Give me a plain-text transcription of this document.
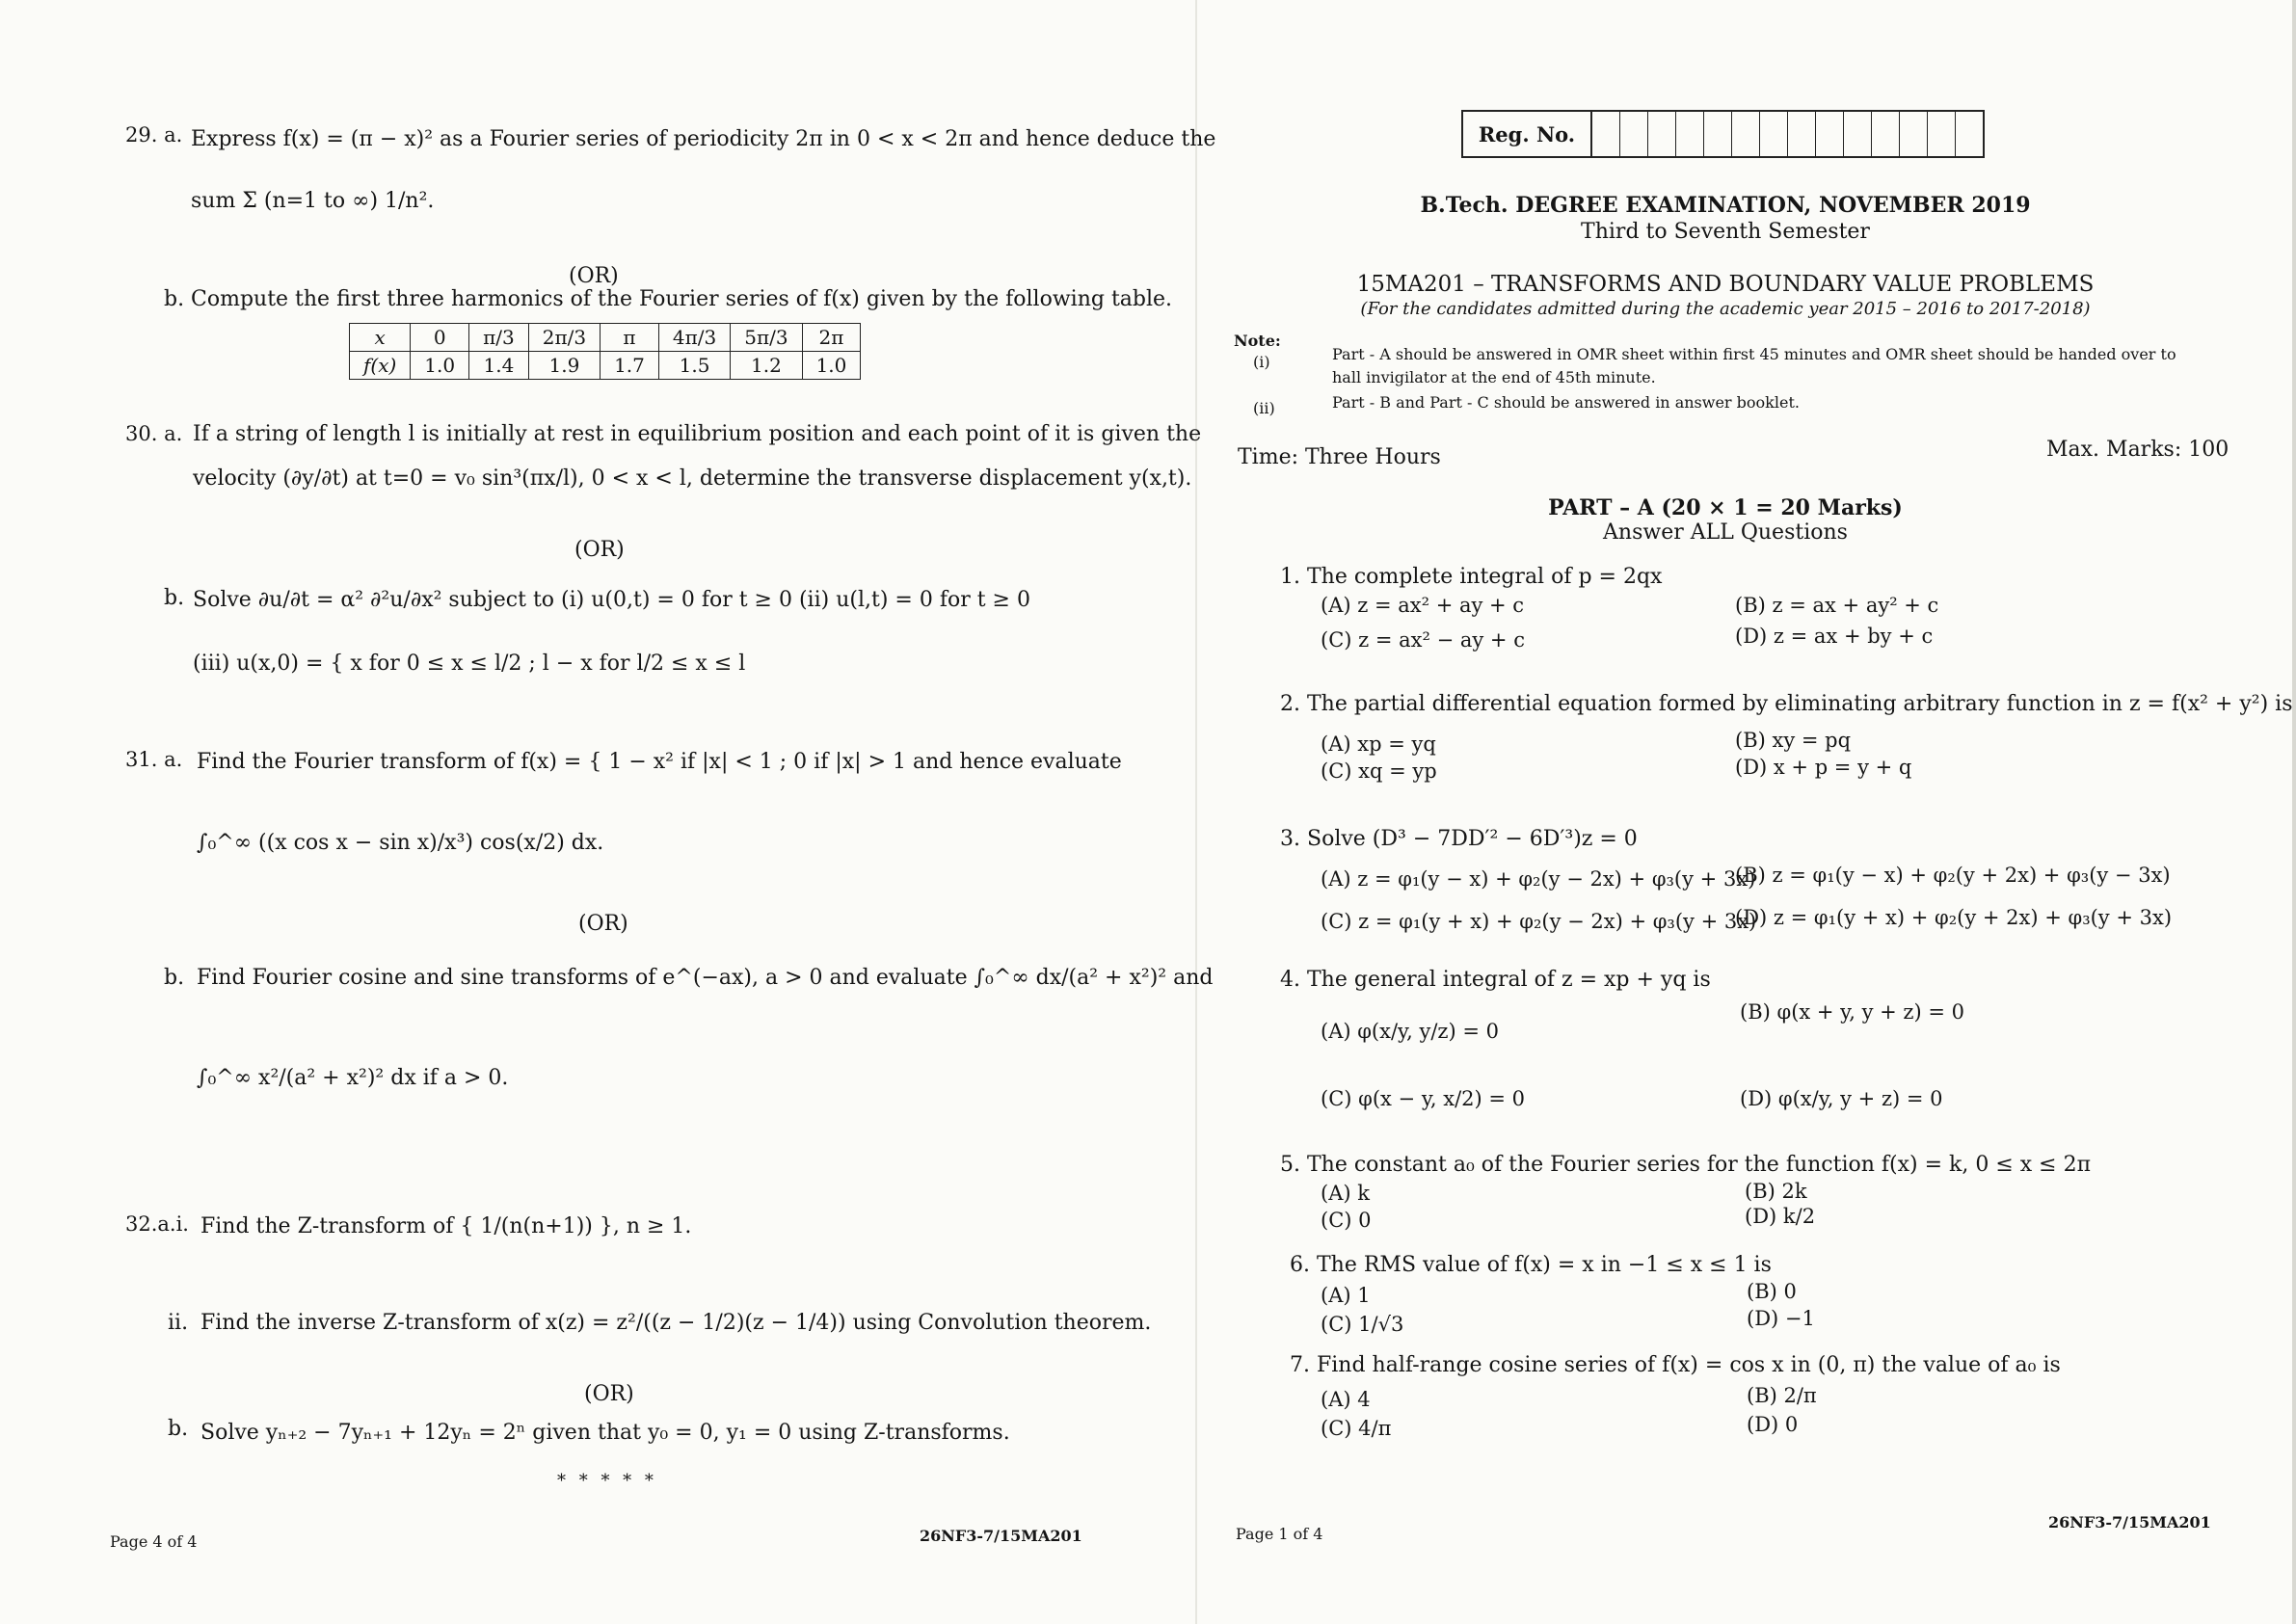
29. a. Express f(x) = (π − x)² as a Fourier series of periodicity 2π in 0 < x < 2π and hence deduce the
sum Σ (n=1 to ∞) 1/n².
(OR)
b. Compute the first three harmonics of the Fourier series of f(x) given by the following table.
x	0	π/3	2π/3	π	4π/3	5π/3	2π
f(x)	1.0	1.4	1.9	1.7	1.5	1.2	1.0
30. a. If a string of length l is initially at rest in equilibrium position and each point of it is given the
velocity (∂y/∂t) at t=0 = v₀ sin³(πx/l), 0 < x < l, determine the transverse displacement y(x,t).
(OR)
b. Solve ∂u/∂t = α² ∂²u/∂x² subject to (i) u(0,t) = 0 for t ≥ 0 (ii) u(l,t) = 0 for t ≥ 0
(iii) u(x,0) = { x for 0 ≤ x ≤ l/2 ; l − x for l/2 ≤ x ≤ l
31. a. Find the Fourier transform of f(x) = { 1 − x² if |x| < 1 ; 0 if |x| > 1 and hence evaluate
∫₀^∞ ((x cos x − sin x)/x³) cos(x/2) dx.
(OR)
b. Find Fourier cosine and sine transforms of e^(−ax), a > 0 and evaluate ∫₀^∞ dx/(a² + x²)² and
∫₀^∞ x²/(a² + x²)² dx if a > 0.
32.a.i. Find the Z-transform of { 1/(n(n+1)) }, n ≥ 1.
ii. Find the inverse Z-transform of x(z) = z²/((z − 1/2)(z − 1/4)) using Convolution theorem.
(OR)
b. Solve yₙ₊₂ − 7yₙ₊₁ + 12yₙ = 2ⁿ given that y₀ = 0, y₁ = 0 using Z-transforms.
* * * * *
Page 4 of 4	26NF3-7/15MA201
Reg. No.
B.Tech. DEGREE EXAMINATION, NOVEMBER 2019
Third to Seventh Semester
15MA201 – TRANSFORMS AND BOUNDARY VALUE PROBLEMS
(For the candidates admitted during the academic year 2015 – 2016 to 2017-2018)
Note:
(i)	Part - A should be answered in OMR sheet within first 45 minutes and OMR sheet should be handed over to
hall invigilator at the end of 45th minute.
(ii)	Part - B and Part - C should be answered in answer booklet.
Time: Three Hours	Max. Marks: 100
PART – A (20 × 1 = 20 Marks)
Answer ALL Questions
1. The complete integral of p = 2qx
(A) z = ax² + ay + c	(B) z = ax + ay² + c
(C) z = ax² − ay + c	(D) z = ax + by + c
2. The partial differential equation formed by eliminating arbitrary function in z = f(x² + y²) is
(A) xp = yq	(B) xy = pq
(C) xq = yp	(D) x + p = y + q
3. Solve (D³ − 7DD′² − 6D′³)z = 0
(A) z = φ₁(y − x) + φ₂(y − 2x) + φ₃(y + 3x)
(B) z = φ₁(y − x) + φ₂(y + 2x) + φ₃(y − 3x)
(C) z = φ₁(y + x) + φ₂(y − 2x) + φ₃(y + 3x)
(D) z = φ₁(y + x) + φ₂(y + 2x) + φ₃(y + 3x)
4. The general integral of z = xp + yq is
(A) φ(x/y, y/z) = 0
(B) φ(x + y, y + z) = 0
(C) φ(x − y, x/2) = 0	(D) φ(x/y, y + z) = 0
5. The constant a₀ of the Fourier series for the function f(x) = k, 0 ≤ x ≤ 2π
(A) k	(B) 2k
(C) 0	(D) k/2
6. The RMS value of f(x) = x in −1 ≤ x ≤ 1 is
(A) 1	(B) 0
(C) 1/√3	(D) −1
7. Find half-range cosine series of f(x) = cos x in (0, π) the value of a₀ is
(A) 4	(B) 2/π
(C) 4/π	(D) 0
Page 1 of 4
26NF3-7/15MA201
